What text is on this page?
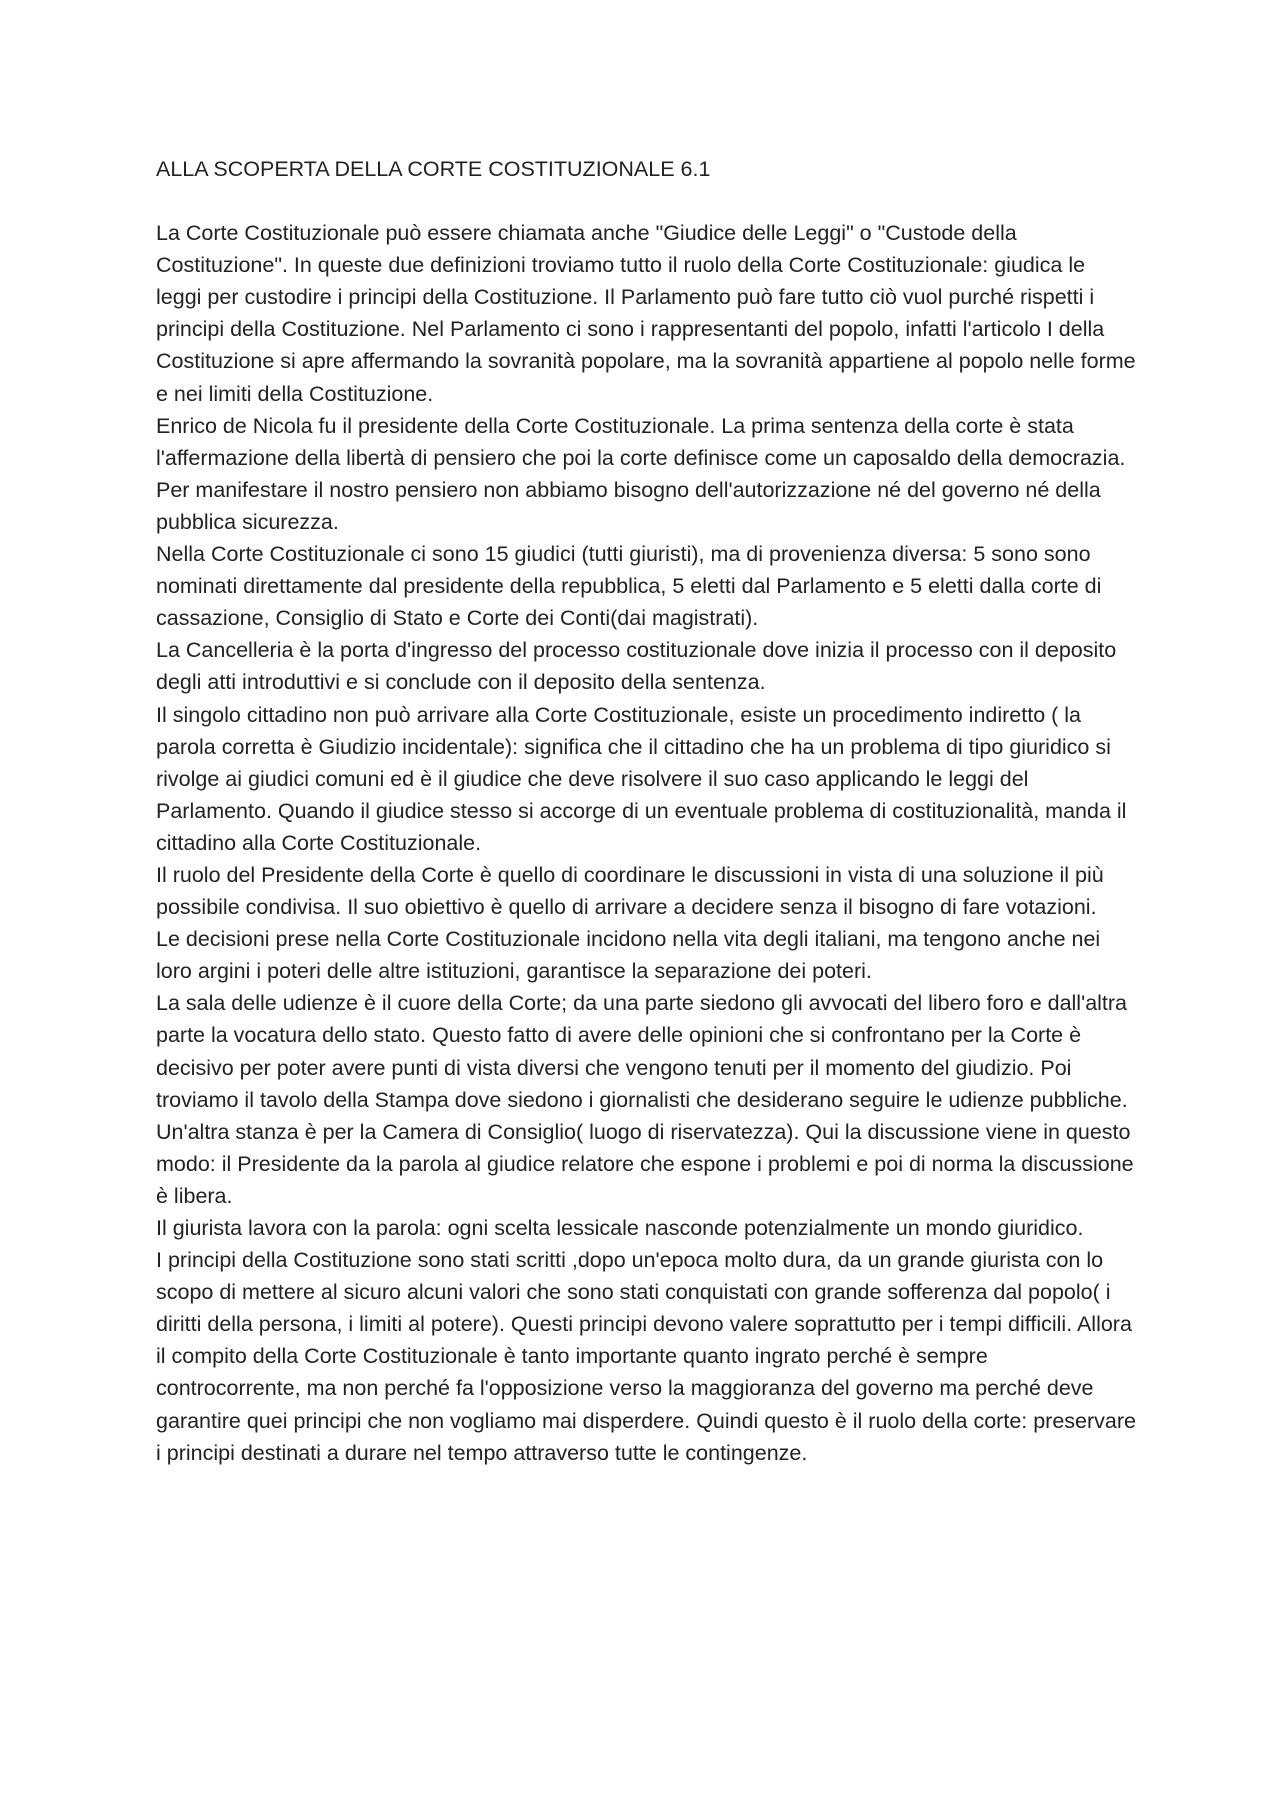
ALLA SCOPERTA DELLA CORTE COSTITUZIONALE 6.1

La Corte Costituzionale può essere chiamata anche "Giudice delle Leggi" o "Custode della Costituzione". In queste due definizioni troviamo tutto il ruolo della Corte Costituzionale: giudica le leggi per custodire i principi della Costituzione. Il Parlamento può fare tutto ciò vuol purché rispetti i principi della Costituzione. Nel Parlamento ci sono i rappresentanti del popolo, infatti l'articolo I della Costituzione si apre affermando la sovranità popolare, ma la sovranità appartiene al popolo nelle forme e nei limiti della Costituzione.

Enrico de Nicola fu il presidente della Corte Costituzionale. La prima sentenza della corte è stata l'affermazione della libertà di pensiero che poi la corte definisce come un caposaldo della democrazia. Per manifestare il nostro pensiero non abbiamo bisogno dell'autorizzazione né del governo né della pubblica sicurezza.

Nella Corte Costituzionale ci sono 15 giudici (tutti giuristi), ma di provenienza diversa: 5 sono sono nominati direttamente dal presidente della repubblica, 5 eletti dal Parlamento e 5 eletti dalla corte di cassazione, Consiglio di Stato e Corte dei Conti(dai magistrati).

La Cancelleria è la porta d'ingresso del processo costituzionale dove inizia il processo con il deposito degli atti introduttivi e si conclude con il deposito della sentenza.

Il singolo cittadino non può arrivare alla Corte Costituzionale, esiste un procedimento indiretto ( la parola corretta è Giudizio incidentale): significa che il cittadino che ha un problema di tipo giuridico si rivolge ai giudici comuni ed è il giudice che deve risolvere il suo caso applicando le leggi del Parlamento. Quando il giudice stesso si accorge di un eventuale problema di costituzionalità, manda il cittadino alla Corte Costituzionale.

Il ruolo del Presidente della Corte è quello di coordinare le discussioni in vista di una soluzione il più possibile condivisa. Il suo obiettivo è quello di arrivare a decidere senza il bisogno di fare votazioni.

Le decisioni prese nella Corte Costituzionale incidono nella vita degli italiani, ma tengono anche nei loro argini i poteri delle altre istituzioni, garantisce la separazione dei poteri.

La sala delle udienze è il cuore della Corte; da una parte siedono gli avvocati del libero foro e dall'altra parte la vocatura dello stato. Questo fatto di avere delle opinioni che si confrontano per la Corte è decisivo per poter avere punti di vista diversi che vengono tenuti per il momento del giudizio. Poi troviamo il tavolo della Stampa dove siedono i giornalisti che desiderano seguire le udienze pubbliche.

Un'altra stanza è per la Camera di Consiglio( luogo di riservatezza). Qui la discussione viene in questo modo: il Presidente da la parola al giudice relatore che espone i problemi e poi di norma la discussione è libera.

Il giurista lavora con la parola: ogni scelta lessicale nasconde potenzialmente un mondo giuridico.

I principi della Costituzione sono stati scritti ,dopo un'epoca molto dura, da un grande giurista con lo scopo di mettere al sicuro alcuni valori che sono stati conquistati con grande sofferenza dal popolo( i diritti della persona, i limiti al potere). Questi principi devono valere soprattutto per i tempi difficili. Allora il compito della Corte Costituzionale è tanto importante quanto ingrato perché è sempre controcorrente, ma non perché fa l'opposizione verso la maggioranza del governo ma perché deve garantire quei principi che non vogliamo mai disperdere. Quindi questo è il ruolo della corte: preservare i principi destinati a durare nel tempo attraverso tutte le contingenze.
